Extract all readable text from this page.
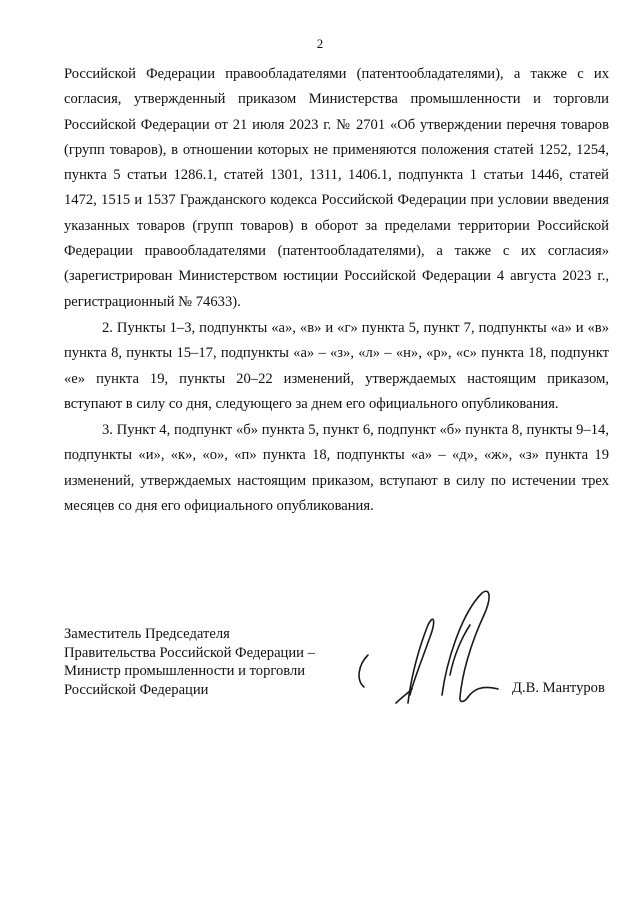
2

Российской Федерации правообладателями (патентообладателями), а также с их согласия, утвержденный приказом Министерства промышленности и торговли Российской Федерации от 21 июля 2023 г. № 2701 «Об утверждении перечня товаров (групп товаров), в отношении которых не применяются положения статей 1252, 1254, пункта 5 статьи 1286.1, статей 1301, 1311, 1406.1, подпункта 1 статьи 1446, статей 1472, 1515 и 1537 Гражданского кодекса Российской Федерации при условии введения указанных товаров (групп товаров) в оборот за пределами территории Российской Федерации правообладателями (патентообладателями), а также с их согласия» (зарегистрирован Министерством юстиции Российской Федерации 4 августа 2023 г., регистрационный № 74633).

2. Пункты 1–3, подпункты «а», «в» и «г» пункта 5, пункт 7, подпункты «а» и «в» пункта 8, пункты 15–17, подпункты «а» – «з», «л» – «н», «р», «с» пункта 18, подпункт «е» пункта 19, пункты 20–22 изменений, утверждаемых настоящим приказом, вступают в силу со дня, следующего за днем его официального опубликования.

3. Пункт 4, подпункт «б» пункта 5, пункт 6, подпункт «б» пункта 8, пункты 9–14, подпункты «и», «к», «о», «п» пункта 18, подпункты «а» – «д», «ж», «з» пункта 19 изменений, утверждаемых настоящим приказом, вступают в силу по истечении трех месяцев со дня его официального опубликования.

Заместитель Председателя
Правительства Российской Федерации –
Министр промышленности и торговли
Российской Федерации	Д.В. Мантуров
